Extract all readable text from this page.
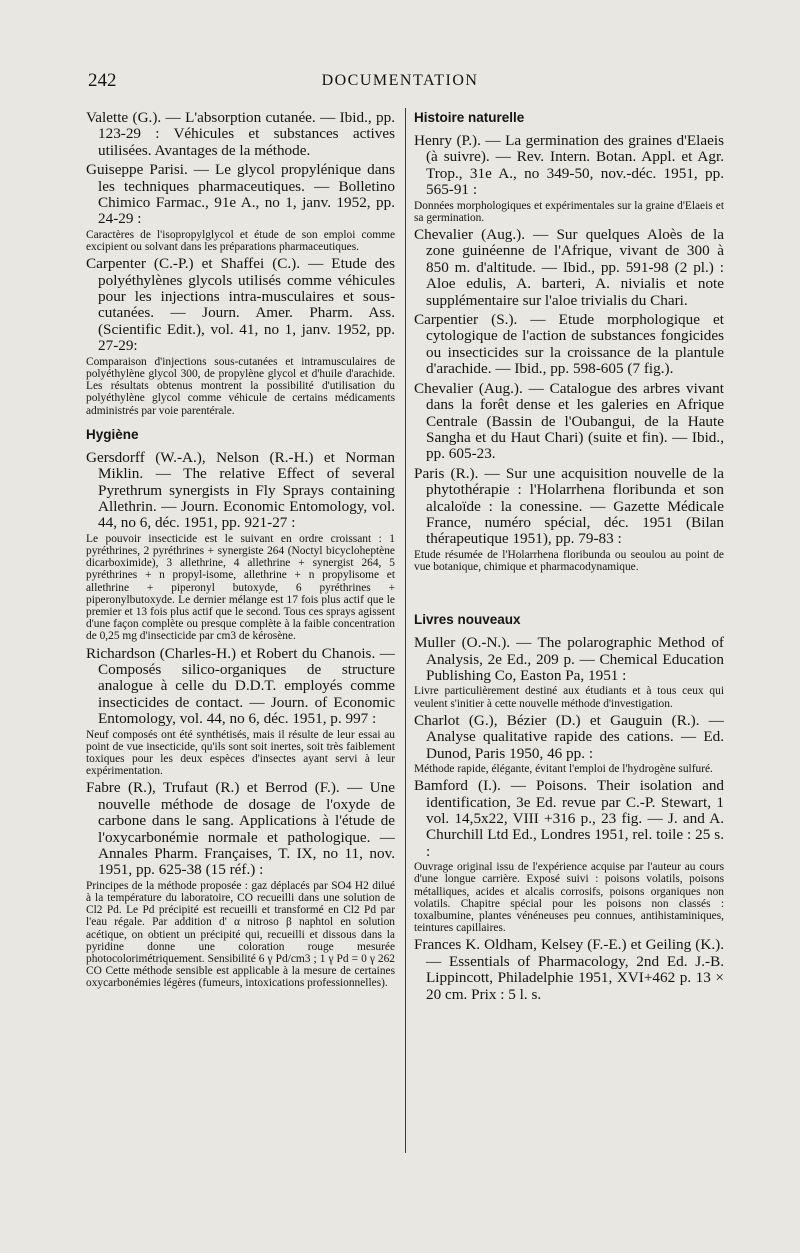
242	DOCUMENTATION
Valette (G.). — L'absorption cutanée. — Ibid., pp. 123-29 : Véhicules et substances actives utilisées. Avantages de la méthode.
Guiseppe Parisi. — Le glycol propylénique dans les techniques pharmaceutiques. — Bolletino Chimico Farmac., 91e A., no 1, janv. 1952, pp. 24-29 :
Caractères de l'isopropylglycol et étude de son emploi comme excipient ou solvant dans les préparations pharmaceutiques.
Carpenter (C.-P.) et Shaffei (C.). — Etude des polyéthylènes glycols utilisés comme véhicules pour les injections intra-musculaires et sous-cutanées. — Journ. Amer. Pharm. Ass. (Scientific Edit.), vol. 41, no 1, janv. 1952, pp. 27-29:
Comparaison d'injections sous-cutanées et intramusculaires de polyéthylène glycol 300, de propylène glycol et d'huile d'arachide. Les résultats obtenus montrent la possibilité d'utilisation du polyéthylène glycol comme véhicule de certains médicaments administrés par voie parentérale.
Hygiène
Gersdorff (W.-A.), Nelson (R.-H.) et Norman Miklin. — The relative Effect of several Pyrethrum synergists in Fly Sprays containing Allethrin. — Journ. Economic Entomology, vol. 44, no 6, déc. 1951, pp. 921-27 :
Le pouvoir insecticide est le suivant en ordre croissant : 1 pyréthrines, 2 pyréthrines + synergiste 264 (Noctyl bicycloheptène dicarboximide), 3 allethrine, 4 allethrine + synergist 264, 5 pyréthrines + n propyl-isome, allethrine + n propylisome et allethrine + piperonyl butoxyde, 6 pyréthrines + piperonylbutoxyde. Le dernier mélange est 17 fois plus actif que le premier et 13 fois plus actif que le second. Tous ces sprays agissent d'une façon complète ou presque complète à la faible concentration de 0,25 mg d'insecticide par cm3 de kérosène.
Richardson (Charles-H.) et Robert du Chanois. — Composés silico-organiques de structure analogue à celle du D.D.T. employés comme insecticides de contact. — Journ. of Economic Entomology, vol. 44, no 6, déc. 1951, p. 997 :
Neuf composés ont été synthétisés, mais il résulte de leur essai au point de vue insecticide, qu'ils sont soit inertes, soit très faiblement toxiques pour les deux espèces d'insectes ayant servi à leur expérimentation.
Fabre (R.), Trufaut (R.) et Berrod (F.). — Une nouvelle méthode de dosage de l'oxyde de carbone dans le sang. Applications à l'étude de l'oxycarbonémie normale et pathologique. — Annales Pharm. Françaises, T. IX, no 11, nov. 1951, pp. 625-38 (15 réf.) :
Principes de la méthode proposée : gaz déplacés par SO4 H2 dilué à la température du laboratoire, CO recueilli dans une solution de Cl2 Pd. Le Pd précipité est recueilli et transformé en Cl2 Pd par l'eau régale. Par addition d' α nitroso β naphtol en solution acétique, on obtient un précipité qui, recueilli et dissous dans la pyridine donne une coloration rouge mesurée photocolorimétriquement. Sensibilité 6 γ Pd/cm3 ; 1 γ Pd = 0 γ 262 CO Cette méthode sensible est applicable à la mesure de certaines oxycarbonémies légères (fumeurs, intoxications professionnelles).
Histoire naturelle
Henry (P.). — La germination des graines d'Elaeis (à suivre). — Rev. Intern. Botan. Appl. et Agr. Trop., 31e A., no 349-50, nov.-déc. 1951, pp. 565-91 :
Données morphologiques et expérimentales sur la graine d'Elaeis et sa germination.
Chevalier (Aug.). — Sur quelques Aloès de la zone guinéenne de l'Afrique, vivant de 300 à 850 m. d'altitude. — Ibid., pp. 591-98 (2 pl.) : Aloe edulis, A. barteri, A. nivialis et note supplémentaire sur l'aloe trivialis du Chari.
Carpentier (S.). — Etude morphologique et cytologique de l'action de substances fongicides ou insecticides sur la croissance de la plantule d'arachide. — Ibid., pp. 598-605 (7 fig.).
Chevalier (Aug.). — Catalogue des arbres vivant dans la forêt dense et les galeries en Afrique Centrale (Bassin de l'Oubangui, de la Haute Sangha et du Haut Chari) (suite et fin). — Ibid., pp. 605-23.
Paris (R.). — Sur une acquisition nouvelle de la phytothérapie : l'Holarrhena floribunda et son alcaloïde : la conessine. — Gazette Médicale France, numéro spécial, déc. 1951 (Bilan thérapeutique 1951), pp. 79-83 :
Etude résumée de l'Holarrhena floribunda ou seoulou au point de vue botanique, chimique et pharmacodynamique.
Livres nouveaux
Muller (O.-N.). — The polarographic Method of Analysis, 2e Ed., 209 p. — Chemical Education Publishing Co, Easton Pa, 1951 :
Livre particulièrement destiné aux étudiants et à tous ceux qui veulent s'initier à cette nouvelle méthode d'investigation.
Charlot (G.), Bézier (D.) et Gauguin (R.). — Analyse qualitative rapide des cations. — Ed. Dunod, Paris 1950, 46 pp. :
Méthode rapide, élégante, évitant l'emploi de l'hydrogène sulfuré.
Bamford (I.). — Poisons. Their isolation and identification, 3e Ed. revue par C.-P. Stewart, 1 vol. 14,5x22, VIII +316 p., 23 fig. — J. and A. Churchill Ltd Ed., Londres 1951, rel. toile : 25 s. :
Ouvrage original issu de l'expérience acquise par l'auteur au cours d'une longue carrière. Exposé suivi : poisons volatils, poisons métalliques, acides et alcalis corrosifs, poisons organiques non volatils. Chapitre spécial pour les poisons non classés : toxalbumine, plantes vénéneuses peu connues, antihistaminiques, teintures capillaires.
Frances K. Oldham, Kelsey (F.-E.) et Geiling (K.). — Essentials of Pharmacology, 2nd Ed. J.-B. Lippincott, Philadelphie 1951, XVI+462 p. 13 × 20 cm. Prix : 5 l. s.
